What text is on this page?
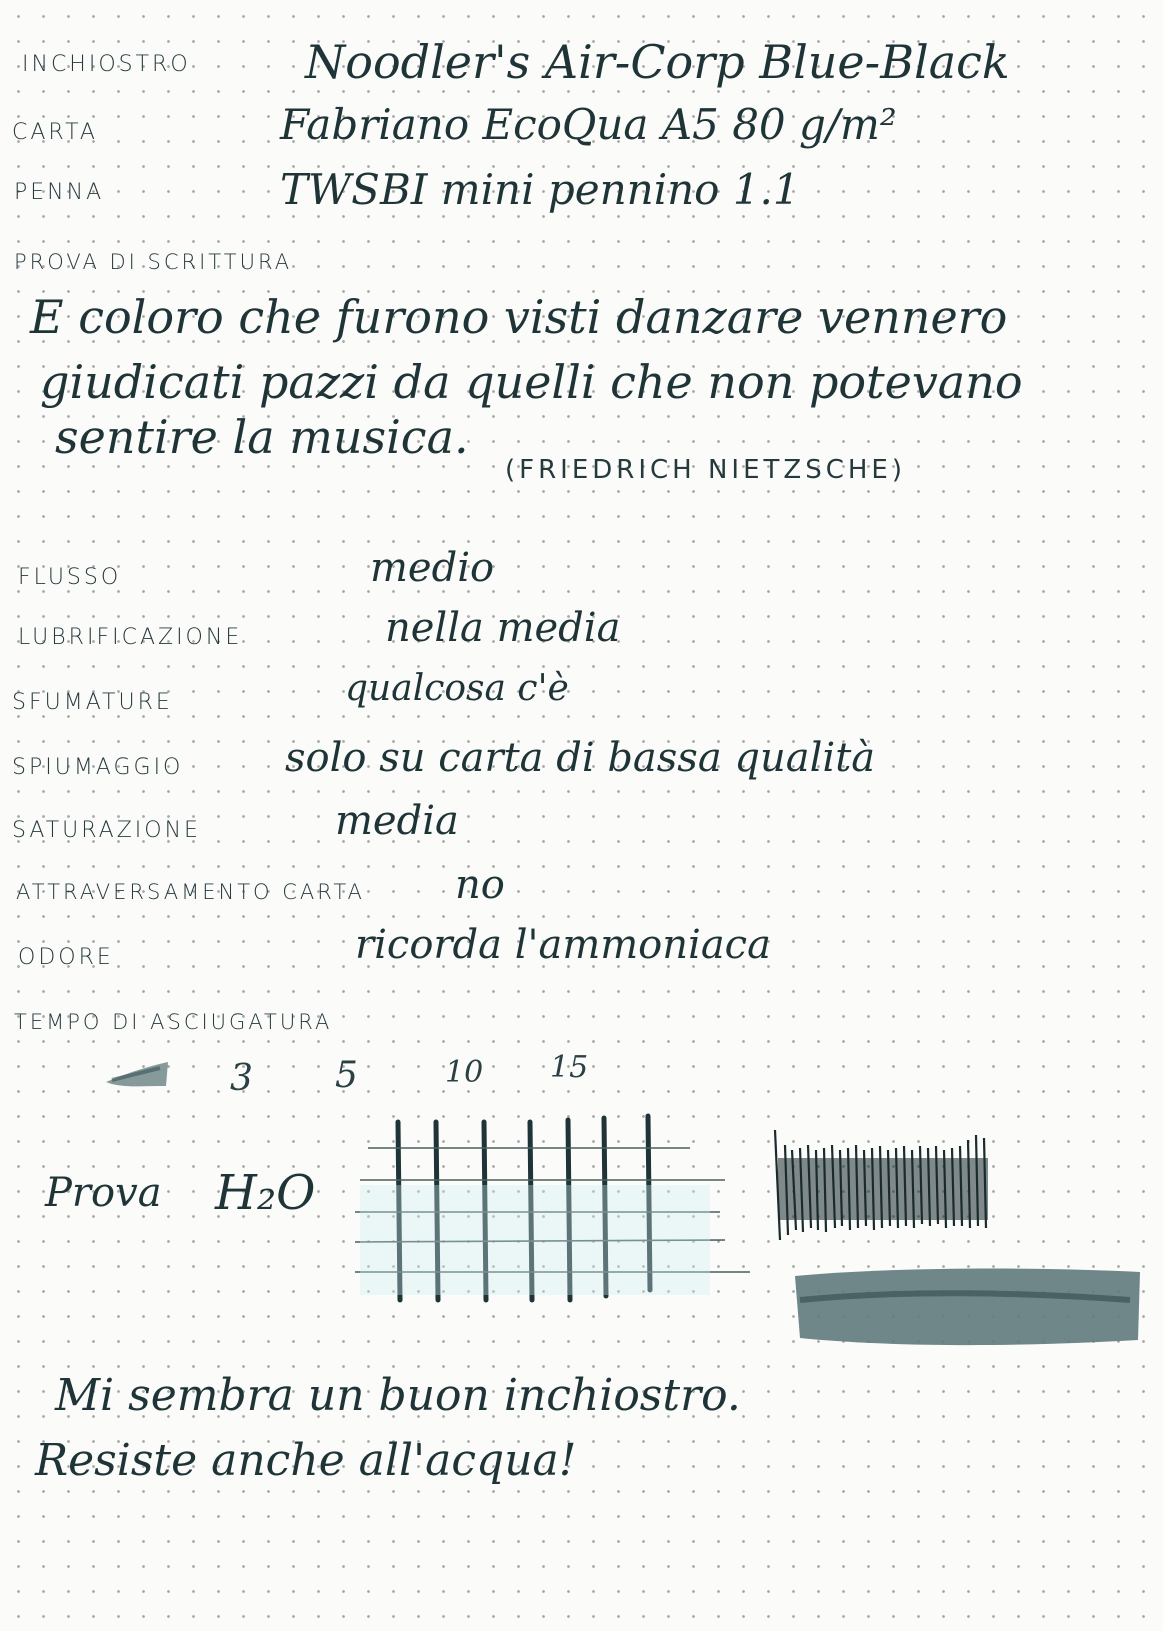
INCHIOSTRO Noodler's Air-Corp Blue-Black
CARTA	Fabriano EcoQua A5 80 g/m²
PENNA	TWSBI mini pennino 1.1
PROVA DI SCRITTURA
E coloro che furono visti danzare vennero
giudicati pazzi da quelli che non potevano
sentire la musica.
(FRIEDRICH NIETZSCHE)
FLUSSO	medio
LUBRIFICAZIONE	nella media
SFUMATURE	qualcosa c'è
SPIUMAGGIO	solo su carta di bassa qualità
SATURAZIONE	media
ATTRAVERSAMENTO CARTA no
ODORE	ricorda l'ammoniaca
TEMPO DI ASCIUGATURA
3 5	10 15
Prova H₂O
Mi sembra un buon inchiostro.
Resiste anche all'acqua!
